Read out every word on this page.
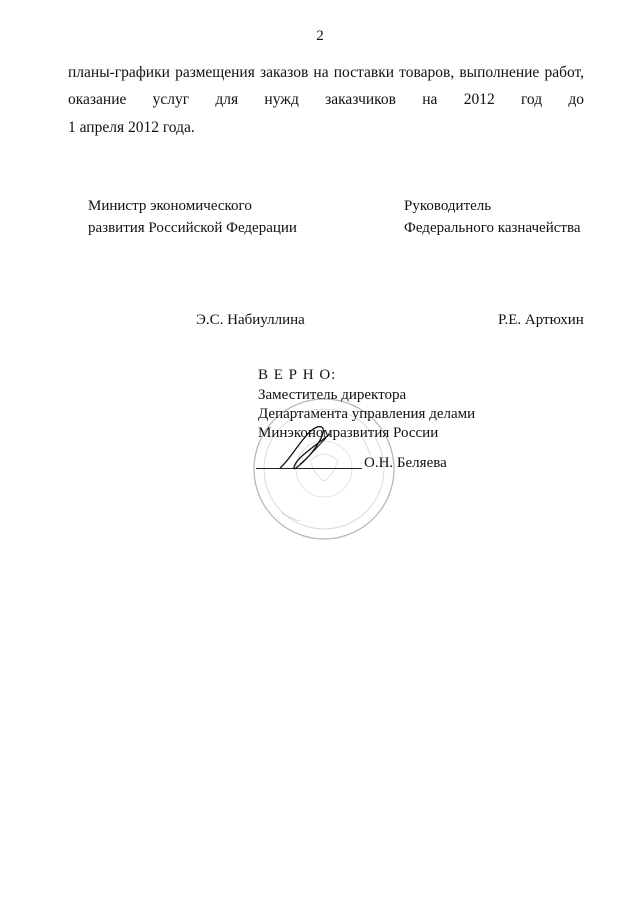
2
планы-графики размещения заказов на поставки товаров, выполнение работ,
оказание услуг для нужд заказчиков на 2012 год до
1 апреля 2012 года.
Министр экономического
развития Российской Федерации
Э.С. Набиуллина
Руководитель
Федерального казначейства
Р.Е. Артюхин
В Е Р Н О:
Заместитель директора
Департамента управления делами
Минэкономразвития России
О.Н. Беляева
